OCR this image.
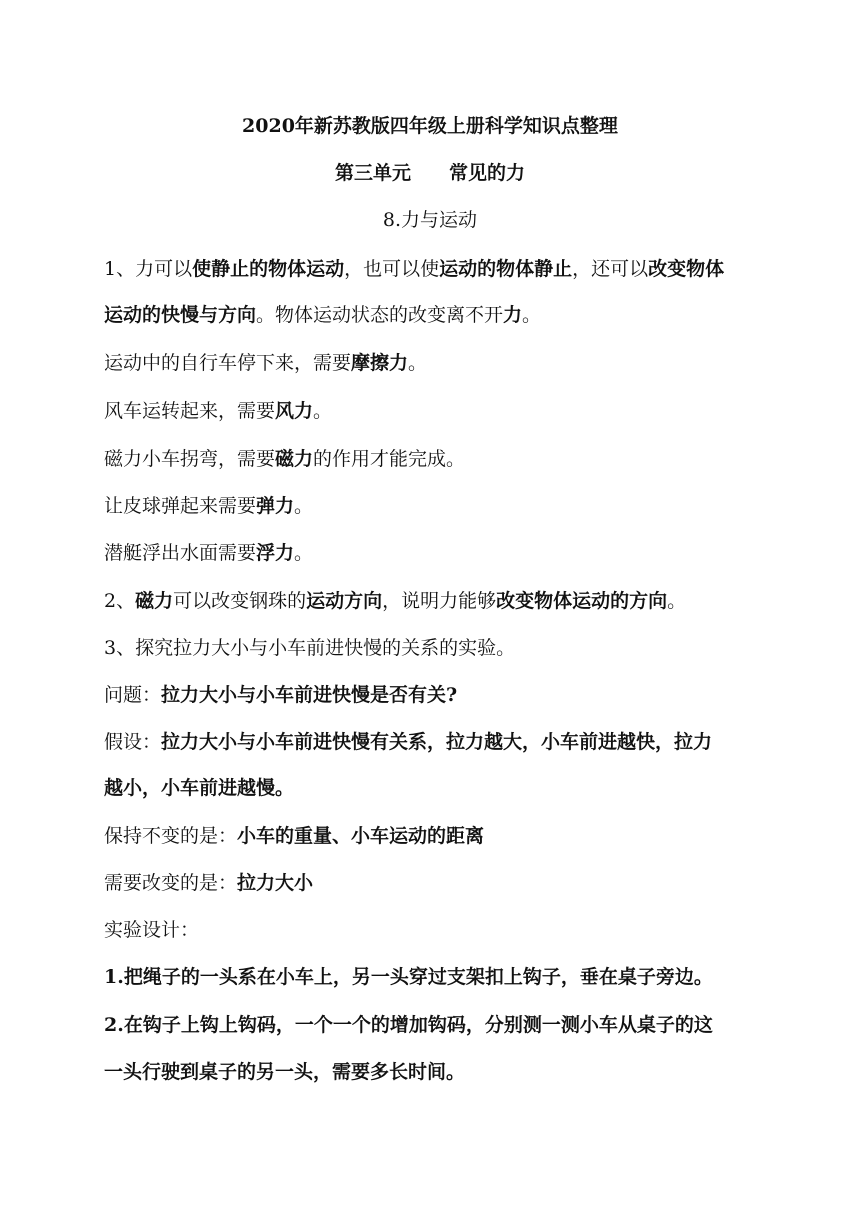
2020年新苏教版四年级上册科学知识点整理
第三单元　　常见的力
8.力与运动
1、力可以使静止的物体运动，也可以使运动的物体静止，还可以改变物体
运动的快慢与方向。物体运动状态的改变离不开力。
运动中的自行车停下来，需要摩擦力。
风车运转起来，需要风力。
磁力小车拐弯，需要磁力的作用才能完成。
让皮球弹起来需要弹力。
潜艇浮出水面需要浮力。
2、磁力可以改变钢珠的运动方向，说明力能够改变物体运动的方向。
3、探究拉力大小与小车前进快慢的关系的实验。
问题：拉力大小与小车前进快慢是否有关?
假设：拉力大小与小车前进快慢有关系，拉力越大，小车前进越快，拉力
越小，小车前进越慢。
保持不变的是：小车的重量、小车运动的距离
需要改变的是：拉力大小
实验设计：
1.把绳子的一头系在小车上，另一头穿过支架扣上钩子，垂在桌子旁边。
2.在钩子上钩上钩码，一个一个的增加钩码，分别测一测小车从桌子的这
一头行驶到桌子的另一头，需要多长时间。
